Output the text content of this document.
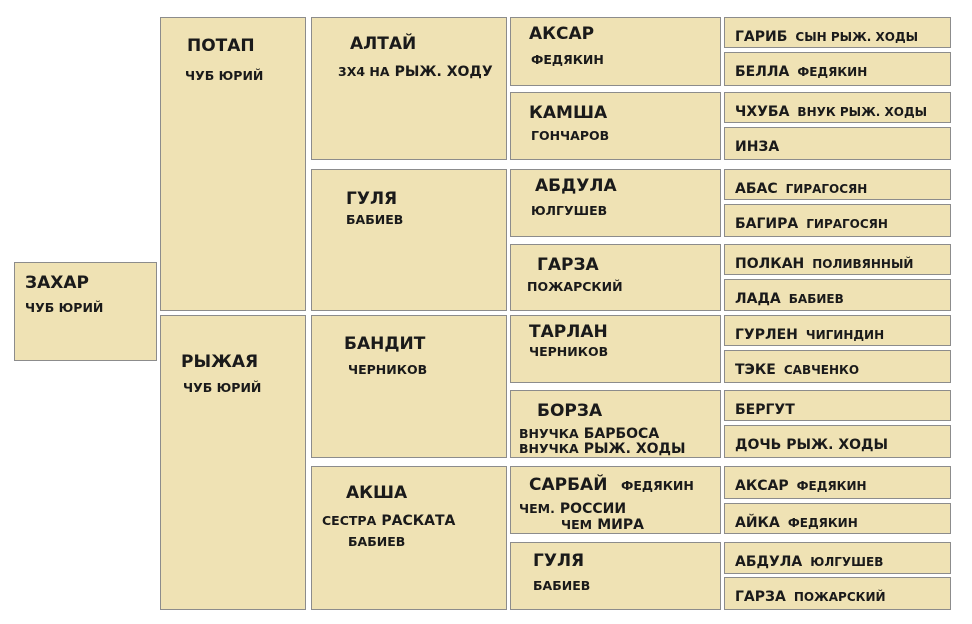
ЗАХАР
ЧУБ ЮРИЙ
ПОТАП
ЧУБ ЮРИЙ
РЫЖАЯ
ЧУБ ЮРИЙ
АЛТАЙ
3Х4 НА РЫЖ. ХОДУ
ГУЛЯ
БАБИЕВ
БАНДИТ
ЧЕРНИКОВ
АКША
СЕСТРА РАСКАТА
БАБИЕВ
АКСАР
ФЕДЯКИН
КАМША
ГОНЧАРОВ
АБДУЛА
ЮЛГУШЕВ
ГАРЗА
ПОЖАРСКИЙ
ТАРЛАН
ЧЕРНИКОВ
БОРЗА
ВНУЧКА БАРБОСА
ВНУЧКА РЫЖ. ХОДЫ
САРБАЙ ФЕДЯКИН
ЧЕМ. РОССИИ
ЧЕМ МИРА
ГУЛЯ
БАБИЕВ
ГАРИБ СЫН РЫЖ. ХОДЫ
БЕЛЛА ФЕДЯКИН
ЧХУБА ВНУК РЫЖ. ХОДЫ
ИНЗА
АБАС ГИРАГОСЯН
БАГИРА ГИРАГОСЯН
ПОЛКАН ПОЛИВЯННЫЙ
ЛАДА БАБИЕВ
ГУРЛЕН ЧИГИНДИН
ТЭКЕ САВЧЕНКО
БЕРГУТ
ДОЧЬ РЫЖ. ХОДЫ
АКСАР ФЕДЯКИН
АЙКА ФЕДЯКИН
АБДУЛА ЮЛГУШЕВ
ГАРЗА ПОЖАРСКИЙ
